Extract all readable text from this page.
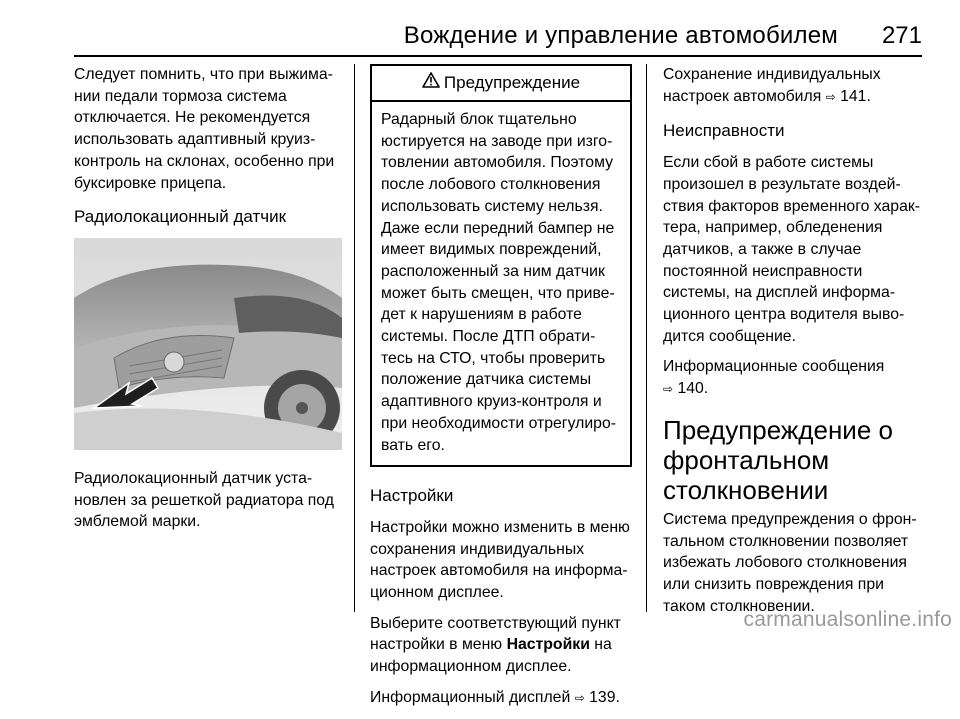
Вождение и управление автомобилем 271

Следует помнить, что при выжима-
нии педали тормоза система
отключается. Не рекомендуется
использовать адаптивный круиз-
контроль на склонах, особенно при
буксировке прицепа.

Радиолокационный датчик

Радиолокационный датчик уста-
новлен за решеткой радиатора под
эмблемой марки.

Предупреждение
Радарный блок тщательно
юстируется на заводе при изго-
товлении автомобиля. Поэтому
после лобового столкновения
использовать систему нельзя.
Даже если передний бампер не
имеет видимых повреждений,
расположенный за ним датчик
может быть смещен, что приве-
дет к нарушениям в работе
системы. После ДТП обрати-
тесь на СТО, чтобы проверить
положение датчика системы
адаптивного круиз-контроля и
при необходимости отрегулиро-
вать его.
Настройки

Настройки можно изменить в меню
сохранения индивидуальных
настроек автомобиля на информа-
ционном дисплее.

Выберите соответствующий пункт
настройки в меню Настройки на
информационном дисплее.

Информационный дисплей ⇨ 139.

Сохранение индивидуальных
настроек автомобиля ⇨ 141.

Неисправности

Если сбой в работе системы
произошел в результате воздей-
ствия факторов временного харак-
тера, например, обледенения
датчиков, а также в случае
постоянной неисправности
системы, на дисплей информа-
ционного центра водителя выво-
дится сообщение.

Информационные сообщения
⇨ 140.

Предупреждение о
фронтальном
столкновении

Система предупреждения о фрон-
тальном столкновении позволяет
избежать лобового столкновения
или снизить повреждения при
таком столкновении.

carmanualsonline.info
